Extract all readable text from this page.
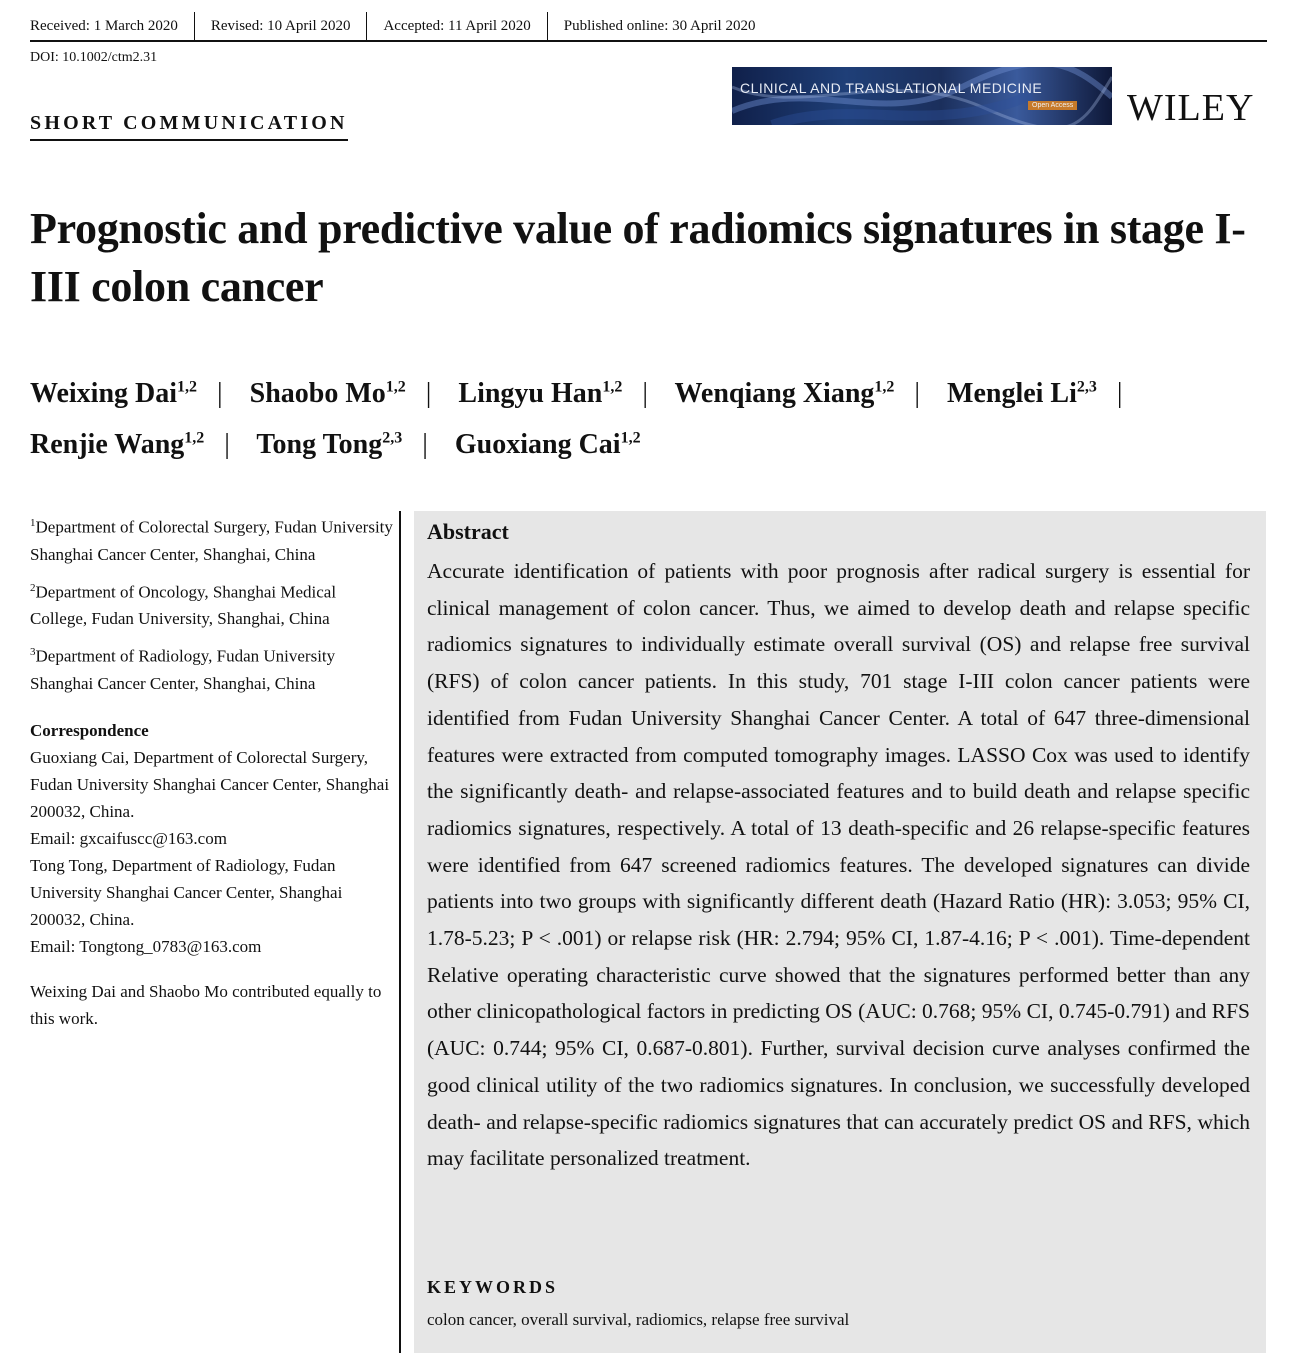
Received: 1 March 2020	Revised: 10 April 2020	Accepted: 11 April 2020	Published online: 30 April 2020
DOI: 10.1002/ctm2.31
SHORT COMMUNICATION
CLINICAL AND TRANSLATIONAL MEDICINE
Open Access WILEY
Prognostic and predictive value of radiomics signatures in stage I-III colon cancer
Weixing Dai$^{1,2}$ | Shaobo Mo$^{1,2}$ | Lingyu Han$^{1,2}$ | Wenqiang Xiang$^{1,2}$ | Menglei Li$^{2,3}$ |
Renjie Wang$^{1,2}$ | Tong Tong$^{2,3}$ | Guoxiang Cai$^{1,2}$

$^1$Department of Colorectal Surgery, Fudan University Shanghai Cancer Center, Shanghai, China

$^2$Department of Oncology, Shanghai Medical College, Fudan University, Shanghai, China

$^3$Department of Radiology, Fudan University Shanghai Cancer Center, Shanghai, China

Correspondence

Guoxiang Cai, Department of Colorectal Surgery, Fudan University Shanghai Cancer Center, Shanghai 200032, China.

Email: gxcaifuscc@163.com

Tong Tong, Department of Radiology, Fudan University Shanghai Cancer Center, Shanghai 200032, China.

Email: Tongtong_0783@163.com

Weixing Dai and Shaobo Mo contributed equally to this work.

Abstract
Accurate identification of patients with poor prognosis after radical surgery is essential for clinical management of colon cancer. Thus, we aimed to develop death and relapse specific radiomics signatures to individually estimate overall survival (OS) and relapse free survival (RFS) of colon cancer patients. In this study, 701 stage I-III colon cancer patients were identified from Fudan University Shanghai Cancer Center. A total of 647 three-dimensional features were extracted from computed tomography images. LASSO Cox was used to identify the significantly death- and relapse-associated features and to build death and relapse specific radiomics signatures, respectively. A total of 13 death-specific and 26 relapse-specific features were identified from 647 screened radiomics features. The developed signatures can divide patients into two groups with significantly different death (Hazard Ratio (HR): 3.053; 95% CI, 1.78-5.23; P < .001) or relapse risk (HR: 2.794; 95% CI, 1.87-4.16; P < .001). Time-dependent Relative operating characteristic curve showed that the signatures performed better than any other clinicopathological factors in predicting OS (AUC: 0.768; 95% CI, 0.745-0.791) and RFS (AUC: 0.744; 95% CI, 0.687-0.801). Further, survival decision curve analyses confirmed the good clinical utility of the two radiomics signatures. In conclusion, we successfully developed death- and relapse-specific radiomics signatures that can accurately predict OS and RFS, which may facilitate personalized treatment.
KEYWORDS
colon cancer, overall survival, radiomics, relapse free survival
